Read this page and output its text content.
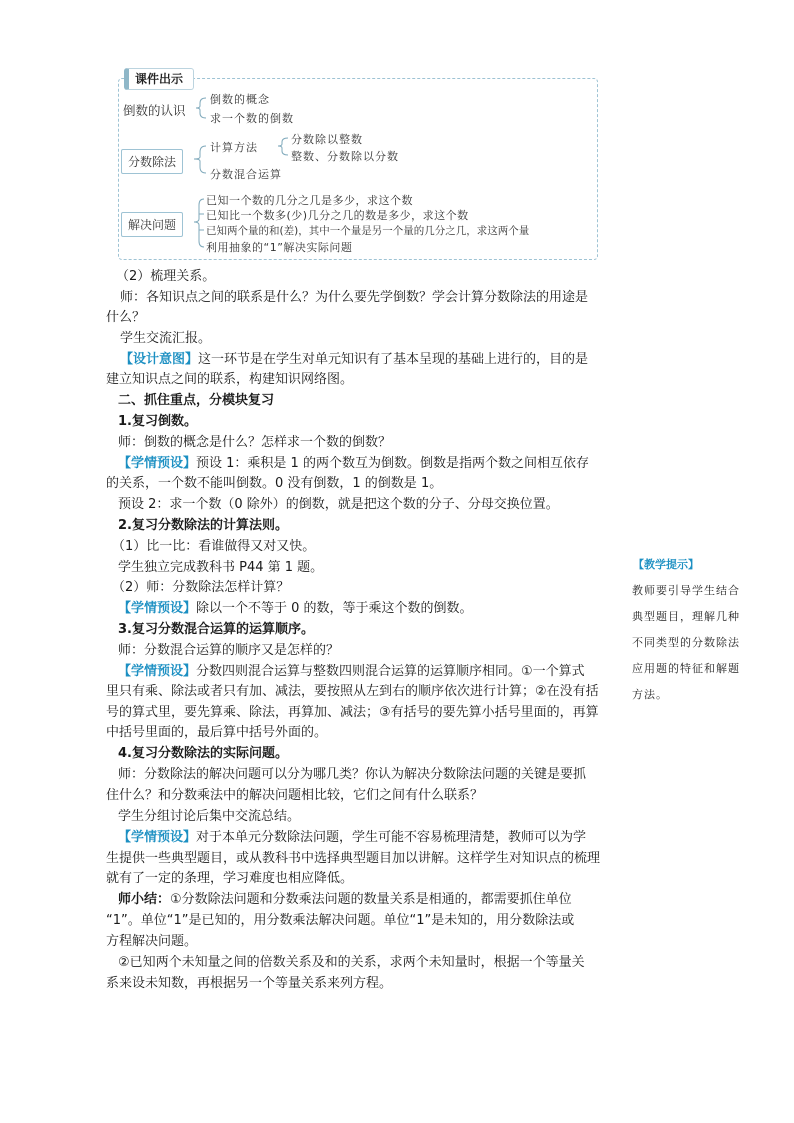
课件出示
倒数的认识
倒数的概念
求一个数的倒数
分数除法
计算方法
分数除以整数
整数、分数除以分数
分数混合运算
解决问题
已知一个数的几分之几是多少，求这个数
已知比一个数多(少)几分之几的数是多少，求这个数
已知两个量的和(差)，其中一个量是另一个量的几分之几，求这两个量
利用抽象的“1”解决实际问题
（2）梳理关系。
师：各知识点之间的联系是什么？为什么要先学倒数？学会计算分数除法的用途是
什么？
学生交流汇报。
【设计意图】这一环节是在学生对单元知识有了基本呈现的基础上进行的，目的是
建立知识点之间的联系，构建知识网络图。
二、抓住重点，分模块复习
1.复习倒数。
师：倒数的概念是什么？怎样求一个数的倒数？
【学情预设】预设 1：乘积是 1 的两个数互为倒数。倒数是指两个数之间相互依存
的关系，一个数不能叫倒数。0 没有倒数，1 的倒数是 1。
预设 2：求一个数（0 除外）的倒数，就是把这个数的分子、分母交换位置。
2.复习分数除法的计算法则。
（1）比一比：看谁做得又对又快。
学生独立完成教科书 P44 第 1 题。
（2）师：分数除法怎样计算？
【学情预设】除以一个不等于 0 的数，等于乘这个数的倒数。
3.复习分数混合运算的运算顺序。
师：分数混合运算的顺序又是怎样的？
【学情预设】分数四则混合运算与整数四则混合运算的运算顺序相同。①一个算式
里只有乘、除法或者只有加、减法，要按照从左到右的顺序依次进行计算；②在没有括
号的算式里，要先算乘、除法，再算加、减法；③有括号的要先算小括号里面的，再算
中括号里面的，最后算中括号外面的。
4.复习分数除法的实际问题。
师：分数除法的解决问题可以分为哪几类？你认为解决分数除法问题的关键是要抓
住什么？和分数乘法中的解决问题相比较，它们之间有什么联系？
学生分组讨论后集中交流总结。
【学情预设】对于本单元分数除法问题，学生可能不容易梳理清楚，教师可以为学
生提供一些典型题目，或从教科书中选择典型题目加以讲解。这样学生对知识点的梳理
就有了一定的条理，学习难度也相应降低。
师小结：①分数除法问题和分数乘法问题的数量关系是相通的，都需要抓住单位
“1”。单位“1”是已知的，用分数乘法解决问题。单位“1”是未知的，用分数除法或
方程解决问题。
②已知两个未知量之间的倍数关系及和的关系，求两个未知量时，根据一个等量关
系来设未知数，再根据另一个等量关系来列方程。
【教学提示】
教师要引导学生结合典型题目，理解几种不同类型的分数除法应用题的特征和解题方法。
